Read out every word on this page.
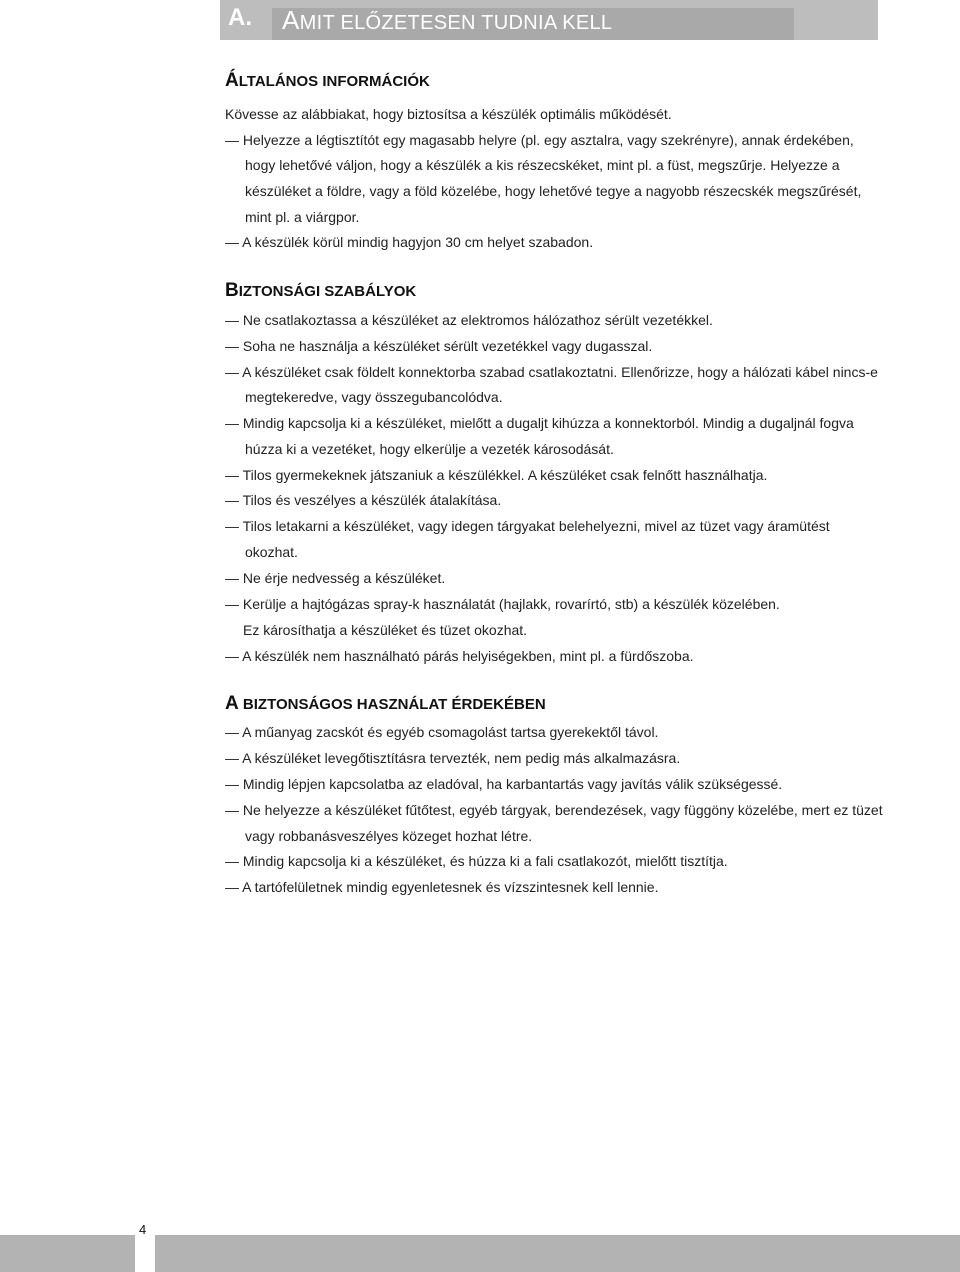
A. AMIT ELŐZETESEN TUDNIA KELL
ÁLTALÁNOS INFORMÁCIÓK
Kövesse az alábbiakat, hogy biztosítsa a készülék optimális működését.
— Helyezze a légtisztítót egy magasabb helyre (pl. egy asztalra, vagy szekrényre), annak érdekében,
hogy lehetővé váljon, hogy a készülék a kis részecskéket, mint pl. a füst, megszűrje. Helyezze a
készüléket a földre, vagy a föld közelébe, hogy lehetővé tegye a nagyobb részecskék megszűrését,
mint pl. a viárgpor.
— A készülék körül mindig hagyjon 30 cm helyet szabadon.
BIZTONSÁGI SZABÁLYOK
— Ne csatlakoztassa a készüléket az elektromos hálózathoz sérült vezetékkel.
— Soha ne használja a készüléket sérült vezetékkel vagy dugasszal.
— A készüléket csak földelt konnektorba szabad csatlakoztatni. Ellenőrizze, hogy a hálózati kábel nincs-e
megtekeredve, vagy összegubancolódva.
— Mindig kapcsolja ki a készüléket, mielőtt a dugaljt kihúzza a konnektorból. Mindig a dugaljnál fogva
húzza ki a vezetéket, hogy elkerülje a vezeték károsodását.
— Tilos gyermekeknek játszaniuk a készülékkel. A készüléket csak felnőtt használhatja.
— Tilos és veszélyes a készülék átalakítása.
— Tilos letakarni a készüléket, vagy idegen tárgyakat belehelyezni, mivel az tüzet vagy áramütést
okozhat.
— Ne érje nedvesség a készüléket.
— Kerülje a hajtógázas spray-k használatát (hajlakk, rovarírtó, stb) a készülék közelében.
Ez károsíthatja a készüléket és tüzet okozhat.
— A készülék nem használható párás helyiségekben, mint pl. a fürdőszoba.
A BIZTONSÁGOS HASZNÁLAT ÉRDEKÉBEN
— A műanyag zacskót és egyéb csomagolást tartsa gyerekektől távol.
— A készüléket levegőtisztításra tervezték, nem pedig más alkalmazásra.
— Mindig lépjen kapcsolatba az eladóval, ha karbantartás vagy javítás válik szükségessé.
— Ne helyezze a készüléket fűtőtest, egyéb tárgyak, berendezések, vagy függöny közelébe, mert ez tüzet
vagy robbanásveszélyes közeget hozhat létre.
— Mindig kapcsolja ki a készüléket, és húzza ki a fali csatlakozót, mielőtt tisztítja.
— A tartófelületnek mindig egyenletesnek és vízszintesnek kell lennie.
4
